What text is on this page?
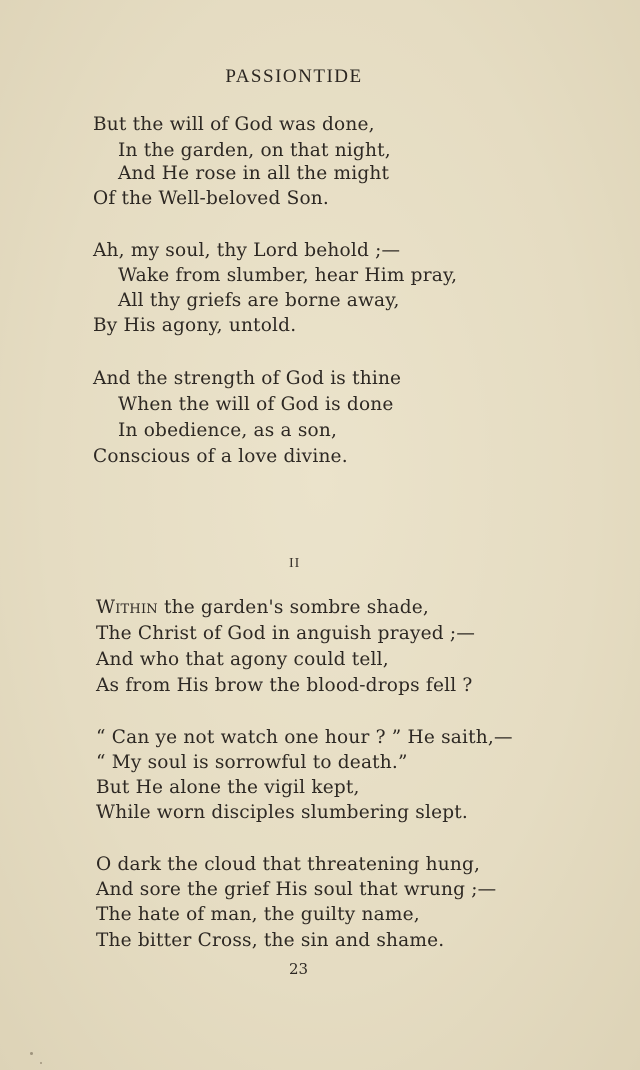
PASSIONTIDE
But the will of God was done,
In the garden, on that night,
And He rose in all the might
Of the Well-beloved Son.
Ah, my soul, thy Lord behold ;—
Wake from slumber, hear Him pray,
All thy griefs are borne away,
By His agony, untold.
And the strength of God is thine
When the will of God is done
In obedience, as a son,
Conscious of a love divine.
II
Within the garden's sombre shade,
The Christ of God in anguish prayed ;—
And who that agony could tell,
As from His brow the blood-drops fell ?
“ Can ye not watch one hour ? ” He saith,—
“ My soul is sorrowful to death.”
But He alone the vigil kept,
While worn disciples slumbering slept.
O dark the cloud that threatening hung,
And sore the grief His soul that wrung ;—
The hate of man, the guilty name,
The bitter Cross, the sin and shame.
23
